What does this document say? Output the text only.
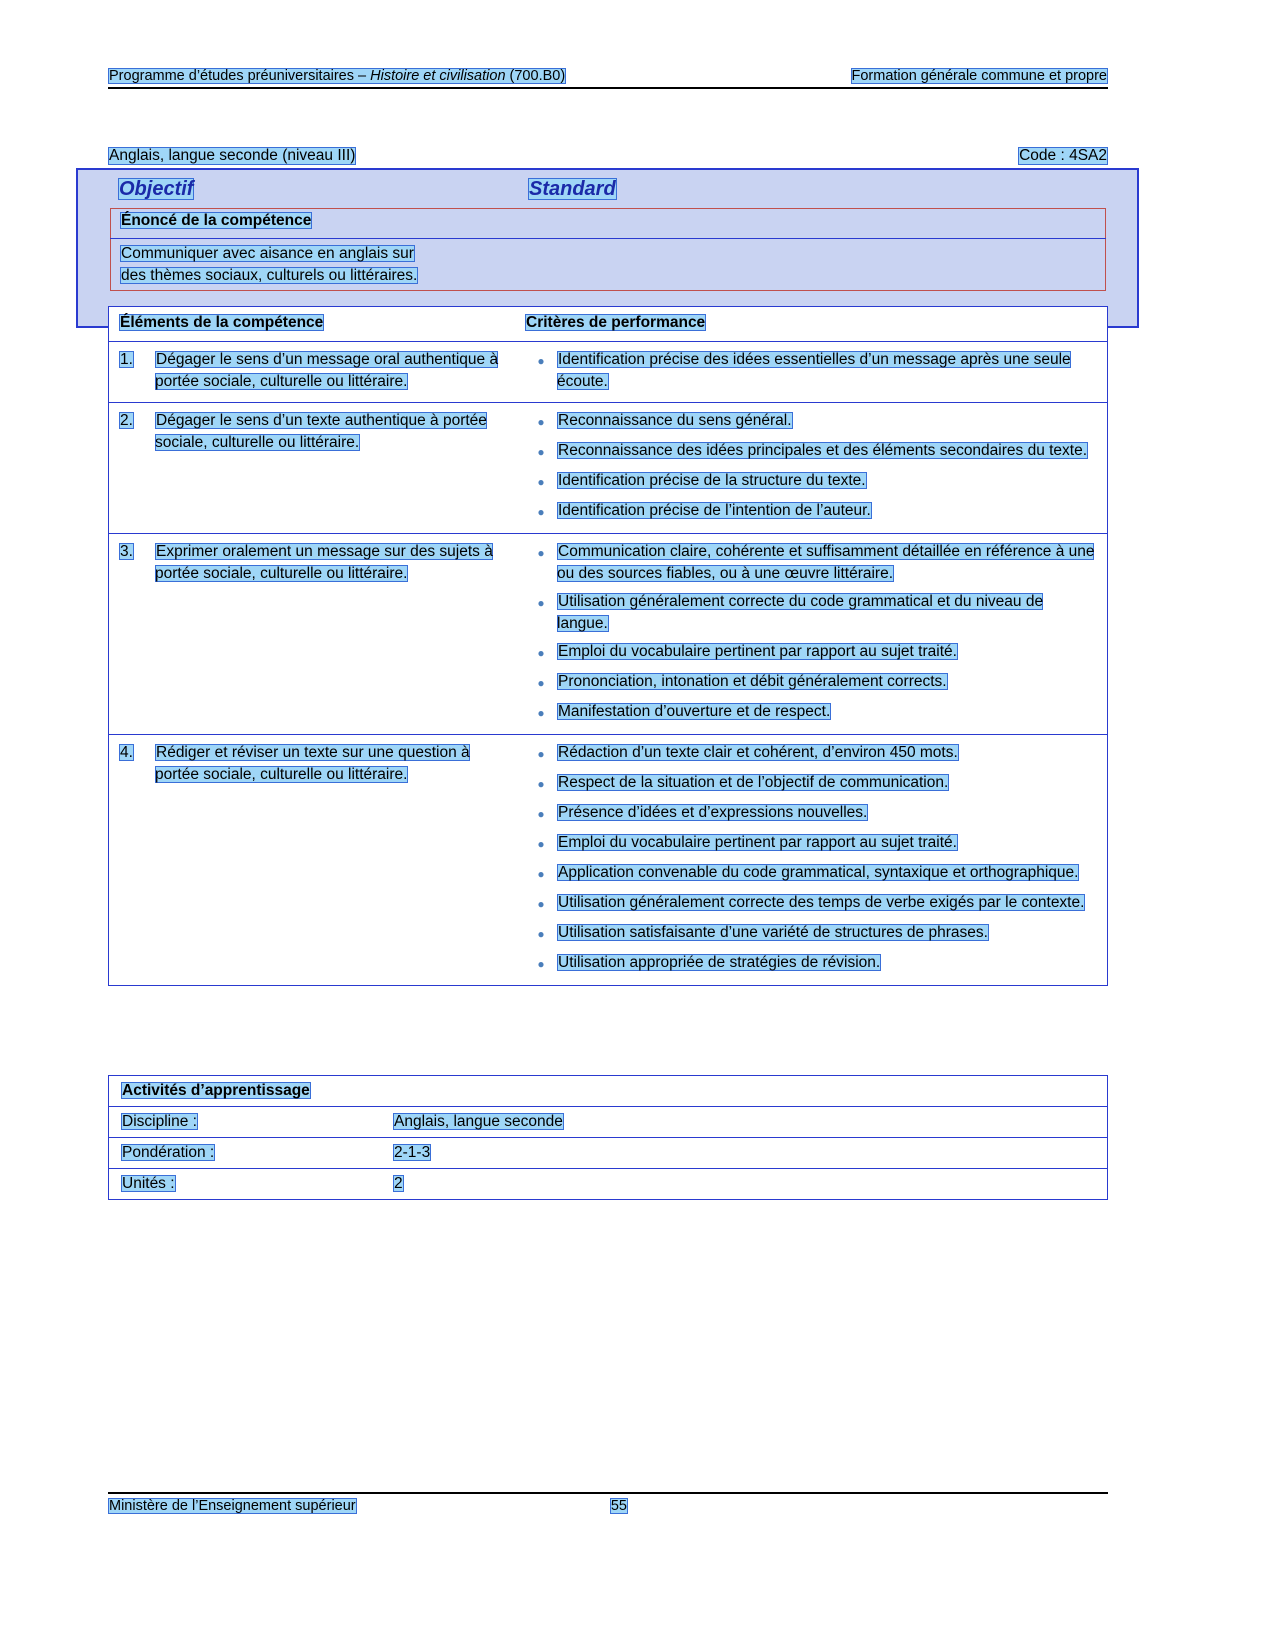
Programme d’études préuniversitaires – Histoire et civilisation (700.B0)	Formation générale commune et propre
Anglais, langue seconde (niveau III)	Code : 4SA2
Objectif	Standard
Énoncé de la compétence
Communiquer avec aisance en anglais sur
des thèmes sociaux, culturels ou littéraires.
Éléments de la compétence	Critères de performance
1.	Dégager le sens d’un message oral authentique à portée sociale, culturelle ou littéraire.
● Identification précise des idées essentielles d’un message après une seule écoute.
2.	Dégager le sens d’un texte authentique à portée sociale, culturelle ou littéraire.
● Reconnaissance du sens général.
● Reconnaissance des idées principales et des éléments secondaires du texte.
● Identification précise de la structure du texte.
● Identification précise de l’intention de l’auteur.
3.	Exprimer oralement un message sur des sujets à portée sociale, culturelle ou littéraire.
● Communication claire, cohérente et suffisamment détaillée en référence à une ou des sources fiables, ou à une œuvre littéraire.
● Utilisation généralement correcte du code grammatical et du niveau de langue.
● Emploi du vocabulaire pertinent par rapport au sujet traité.
● Prononciation, intonation et débit généralement corrects.
● Manifestation d’ouverture et de respect.
4.	Rédiger et réviser un texte sur une question à portée sociale, culturelle ou littéraire.
● Rédaction d’un texte clair et cohérent, d’environ 450 mots.
● Respect de la situation et de l’objectif de communication.
● Présence d’idées et d’expressions nouvelles.
● Emploi du vocabulaire pertinent par rapport au sujet traité.
● Application convenable du code grammatical, syntaxique et orthographique.
● Utilisation généralement correcte des temps de verbe exigés par le contexte.
● Utilisation satisfaisante d’une variété de structures de phrases.
● Utilisation appropriée de stratégies de révision.
Activités d’apprentissage
Discipline :	Anglais, langue seconde
Pondération :	2-1-3
Unités :	2
Ministère de l’Enseignement supérieur	55
